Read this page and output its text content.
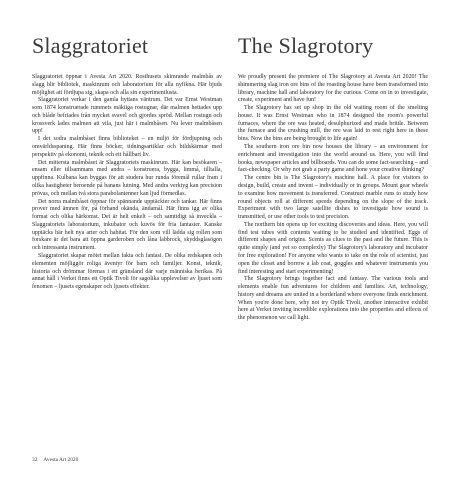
Slaggratoriet

Slaggratoriet öppnar i Avesta Art 2020. Rosthusets skimrande malmbås av slagg blir bibliotek, maskinrum och laboratorium för alla nyfikna. Här bjuds möjlighet att fördjupa sig, skapa och alla sin experimentlusta.

Slaggratoriet verkar i den gamla hyttans väntrum. Det var Ernst Westman som 1874 konstruerade rummets mäktiga rostugnar, där malmen hettades upp och blåde befriades från mycket svavel och gjordes spröd. Mellan rostugn och krossverk lades malmen att vila, just här i malmbåsen. Nu lever malmbåsen upp!

I det sodra malmbåset finns biblioteket – en miljö för fördjupning och omvärldsspaning. Här finns böcker, tidningsartiklar och bildskärmar med perspektiv på ekonomi, teknik och ett hållbart liv.

Det mittersta malmbåset är Slaggratoriets maskinrum. Här kan besökaren – ensam eller tillsammans med andra – konstruera, bygga, limmå, tilltalla, uppfinna. Kulbana kan byggas för att studera hur runda föremål rullar fram i olika hastigheter beroende på banans lutning. Med andra verktyg kan precision prövas, och mellan två stora parabolantenner kan ljud förmedlas.

Det norra malmbåset öppnar för spännande upptäckter och tankar. Här finns prover med ämnen för, på förhand okända, ändamål. Här finns igg av olika format och olika härkomst. Det är helt enkelt – och samtidigt så inveckla – Slaggratoriets laboratorium, inkubator och kuvös för fria fantasier. Kanske upptäcks här helt nya arter och habitat. För den som vill lädda sig rollen som forskare är det bara att öppna garderoben och låna labbrock, skyddsglasögon och intressanta instrument.

Slaggratoriet skapar mötet mellan fakta och fantasi. De olika redskapen och elementen möjliggör roliga äventyr för barn och familjer. Konst, teknik, historia och drömmar förenas i ett gränsland där varje människa berikas. På annat håll i Verket finns ett Optik Tivoli för sagolika upplevelser av ljuset som fenomen – ljusets egenskaper och ljusets effekter.

The Slagrotory

We proudly present the premiere of The Slagrotory at Avesta Art 2020! The shimmering slag iron ore bins of the roasting house have been transformed into library, machine hall and laboratory for the curious. Come on in to investigate, create, experiment and have fun!

The Slagrotory has set up shop in the old waiting room of the smelting house. It was Ernst Westman who in 1874 designed the room's powerful furnaces, where the ore was heated, desulphurized and made brittle. Between the furnace and the crushing mill, the ore was laid to rest right here in these bins. Now the bins are being brought to life again!

The southern iron ore bin now houses the library – an environment for enrichment and investigation into the world around us. Here, you will find books, newspaper articles and billboards. You can do some fact-searching – and fact-checking. Or why not grab a party game and hone your creative thinking?

The centre bin is The Slagrotory's machine hall. A place for visitors to design, build, create and invent – individually or in groups. Mount gear wheels to examine how movement is transferred. Construct marble runs to study how round objects roll at different speeds depending on the slope of the track. Experiment with two large satellite dishes to investigate how sound is transmitted, or use other tools to test precision.

The northern bin opens up for exciting discoveries and ideas. Here, you will find test tubes with contents waiting to be studied and identified. Eggs of different shapes and origins. Scents as clues to the past and the future. This is quite simply (and yet so complexly) The Slagrotory's laboratory and incubator for free exploration! For anyone who wants to take on the role of scientist, just open the closet and borrow a lab coat, goggles and whatever instruments you find interesting and start experimenting!

The Slagrotory brings together fact and fantasy. The various tools and elements enable fun adventures for children and families. Art, technology, history and dreams are united in a borderland where everyone finds enrichment. When you're done here, why not try Optik Tivoli, another interactive exhibit here at Verket inviting incredible explorations into the properties and effects of the phenomenon we call light.

32 Avesta Art 2020
